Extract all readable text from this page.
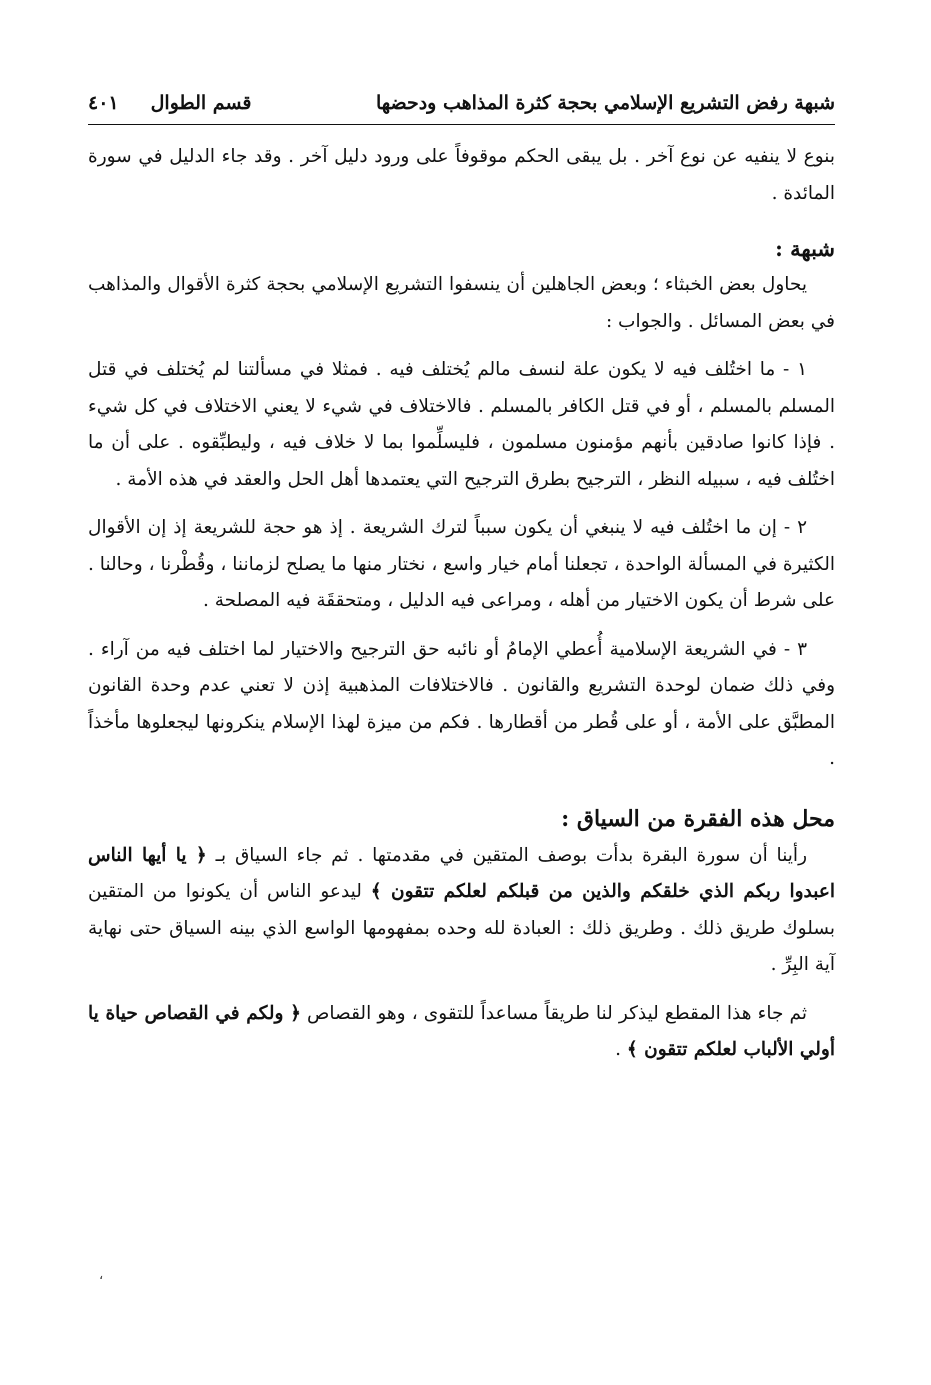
شبهة رفض التشريع الإسلامي بحجة كثرة المذاهب ودحضها
قسم الطوال
٤٠١

بنوع لا ينفيه عن نوع آخر . بل يبقى الحكم موقوفاً على ورود دليل آخر . وقد جاء الدليل في سورة المائدة .

شبهة :

يحاول بعض الخبثاء ؛ وبعض الجاهلين أن ينسفوا التشريع الإسلامي بحجة كثرة الأقوال والمذاهب في بعض المسائل . والجواب :

١ - ما اختُلف فيه لا يكون علة لنسف مالم يُختلف فيه . فمثلا في مسألتنا لم يُختلف في قتل المسلم بالمسلم ، أو في قتل الكافر بالمسلم . فالاختلاف في شيء لا يعني الاختلاف في كل شيء . فإذا كانوا صادقين بأنهم مؤمنون مسلمون ، فليسلِّموا بما لا خلاف فيه ، وليطبِّقوه . على أن ما اختُلف فيه ، سبيله النظر ، الترجيح بطرق الترجيح التي يعتمدها أهل الحل والعقد في هذه الأمة .

٢ - إن ما اختُلف فيه لا ينبغي أن يكون سبباً لترك الشريعة . إذ هو حجة للشريعة إذ إن الأقوال الكثيرة في المسألة الواحدة ، تجعلنا أمام خيار واسع ، نختار منها ما يصلح لزماننا ، وقُطْرنا ، وحالنا . على شرط أن يكون الاختيار من أهله ، ومراعى فيه الدليل ، ومتحققَة فيه المصلحة .

٣ - في الشريعة الإسلامية أُعطي الإمامُ أو نائبه حق الترجيح والاختيار لما اختلف فيه من آراء . وفي ذلك ضمان لوحدة التشريع والقانون . فالاختلافات المذهبية إذن لا تعني عدم وحدة القانون المطبَّق على الأمة ، أو على قُطر من أقطارها . فكم من ميزة لهذا الإسلام ينكرونها ليجعلوها مأخذاً .

محل هذه الفقرة من السياق :

رأينا أن سورة البقرة بدأت بوصف المتقين في مقدمتها . ثم جاء السياق بـ ﴿ يا أيها الناس اعبدوا ربكم الذي خلقكم والذين من قبلكم لعلكم تتقون ﴾ ليدعو الناس أن يكونوا من المتقين بسلوك طريق ذلك . وطريق ذلك : العبادة لله وحده بمفهومها الواسع الذي بينه السياق حتى نهاية آية البِرِّ .

ثم جاء هذا المقطع ليذكر لنا طريقاً مساعداً للتقوى ، وهو القصاص ﴿ ولكم في القصاص حياة يا أولي الألباب لعلكم تتقون ﴾ .

،
